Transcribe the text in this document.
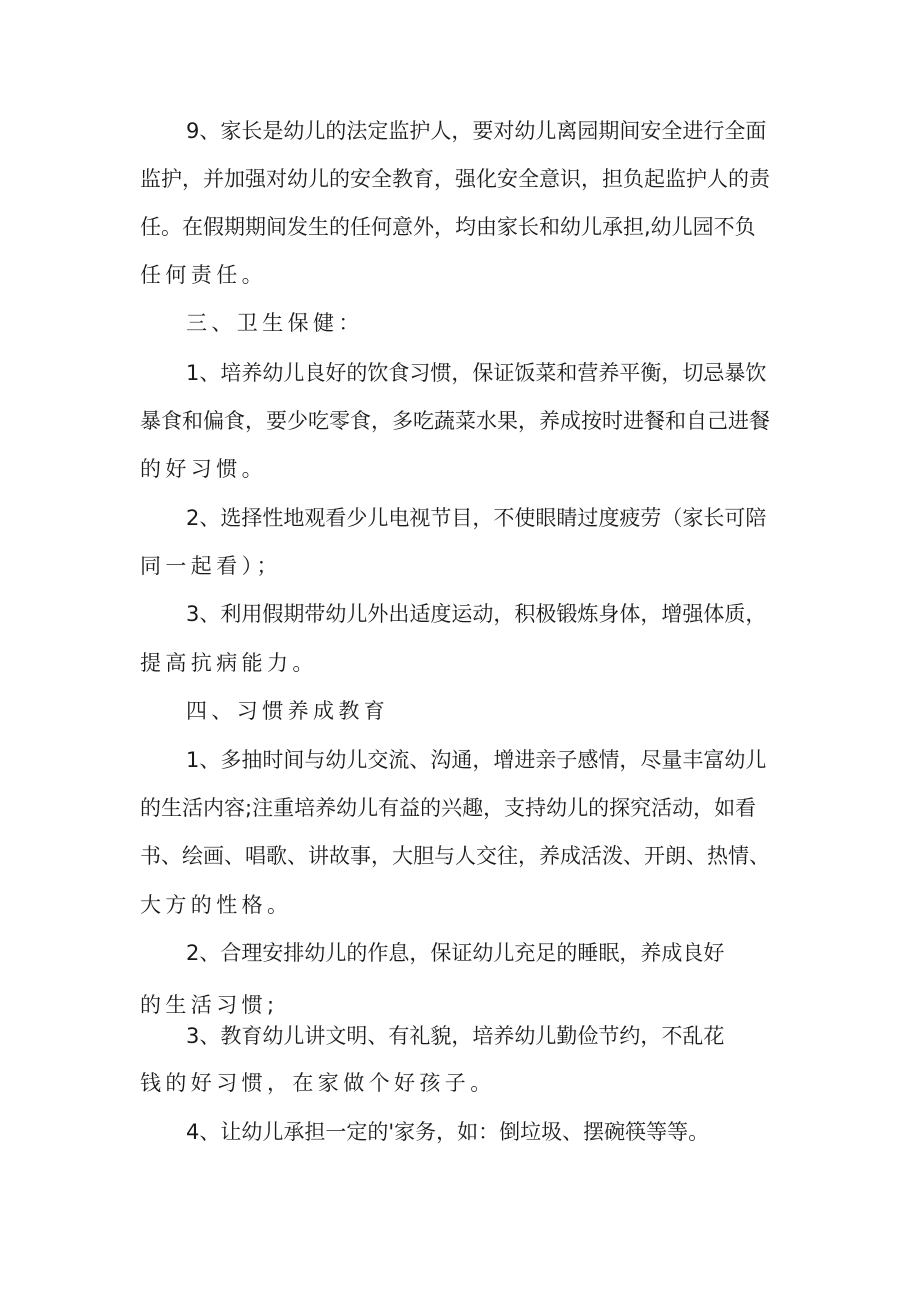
9、家长是幼儿的法定监护人，要对幼儿离园期间安全进行全面
监护，并加强对幼儿的安全教育，强化安全意识，担负起监护人的责
任。在假期期间发生的任何意外，均由家长和幼儿承担,幼儿园不负
任何责任。
三、卫生保健：
1、培养幼儿良好的饮食习惯，保证饭菜和营养平衡，切忌暴饮
暴食和偏食，要少吃零食，多吃蔬菜水果，养成按时进餐和自己进餐
的好习惯。
2、选择性地观看少儿电视节目，不使眼睛过度疲劳（家长可陪
同一起看）；
3、利用假期带幼儿外出适度运动，积极锻炼身体，增强体质，
提高抗病能力。
四、习惯养成教育
1、多抽时间与幼儿交流、沟通，增进亲子感情，尽量丰富幼儿
的生活内容;注重培养幼儿有益的兴趣，支持幼儿的探究活动，如看
书、绘画、唱歌、讲故事，大胆与人交往，养成活泼、开朗、热情、
大方的性格。
2、合理安排幼儿的作息，保证幼儿充足的睡眠，养成良好
的生活习惯;
3、教育幼儿讲文明、有礼貌，培养幼儿勤俭节约，不乱花
钱的好习惯，在家做个好孩子。
4、让幼儿承担一定的'家务，如：倒垃圾、摆碗筷等等。
